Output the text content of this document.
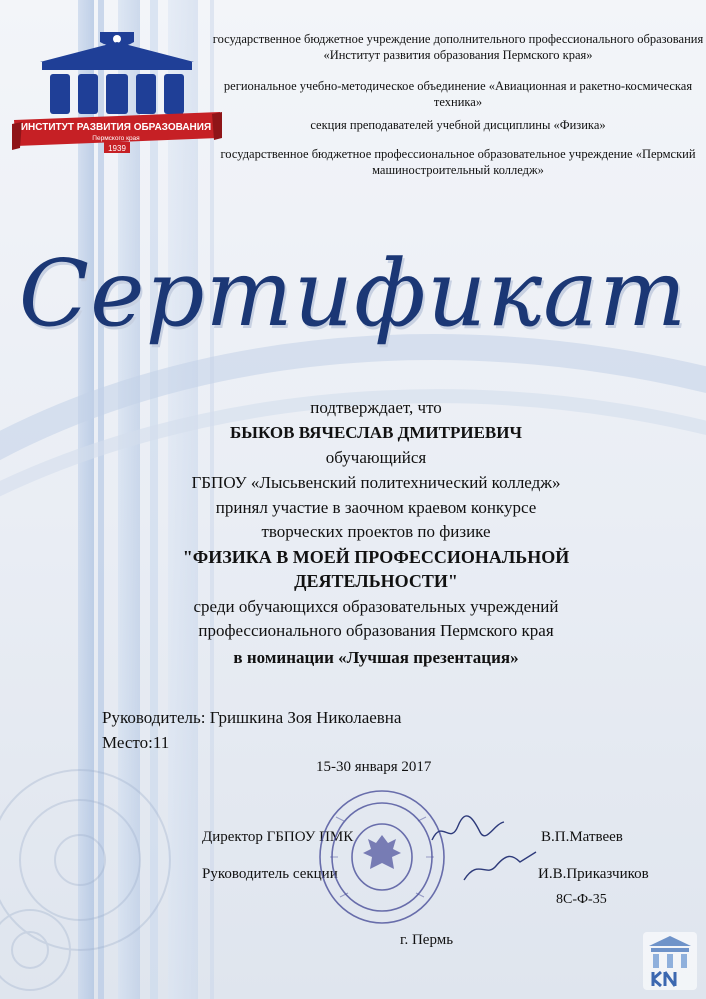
ИНСТИТУТ РАЗВИТИЯ ОБРАЗОВАНИЯ
Пермского края
1939
государственное бюджетное учреждение дополнительного профессионального образования «Институт развития образования Пермского края»
региональное учебно-методическое объединение «Авиационная и ракетно-космическая техника»
секция преподавателей учебной дисциплины «Физика»
государственное бюджетное профессиональное образовательное учреждение «Пермский машиностроительный колледж»
Сертификат
подтверждает, что
БЫКОВ ВЯЧЕСЛАВ ДМИТРИЕВИЧ
обучающийся
ГБПОУ «Лысьвенский политехнический колледж»
принял участие в заочном краевом конкурсе
творческих проектов по физике
"ФИЗИКА В МОЕЙ ПРОФЕССИОНАЛЬНОЙ
ДЕЯТЕЛЬНОСТИ"
среди обучающихся образовательных учреждений
профессионального образования Пермского края
в номинации «Лучшая презентация»
Руководитель: Гришкина Зоя Николаевна
Место:11
15-30 января 2017
Директор ГБПОУ ПМК	В.П.Матвеев
Руководитель секции	И.В.Приказчиков
8С-Ф-35
г. Пермь
